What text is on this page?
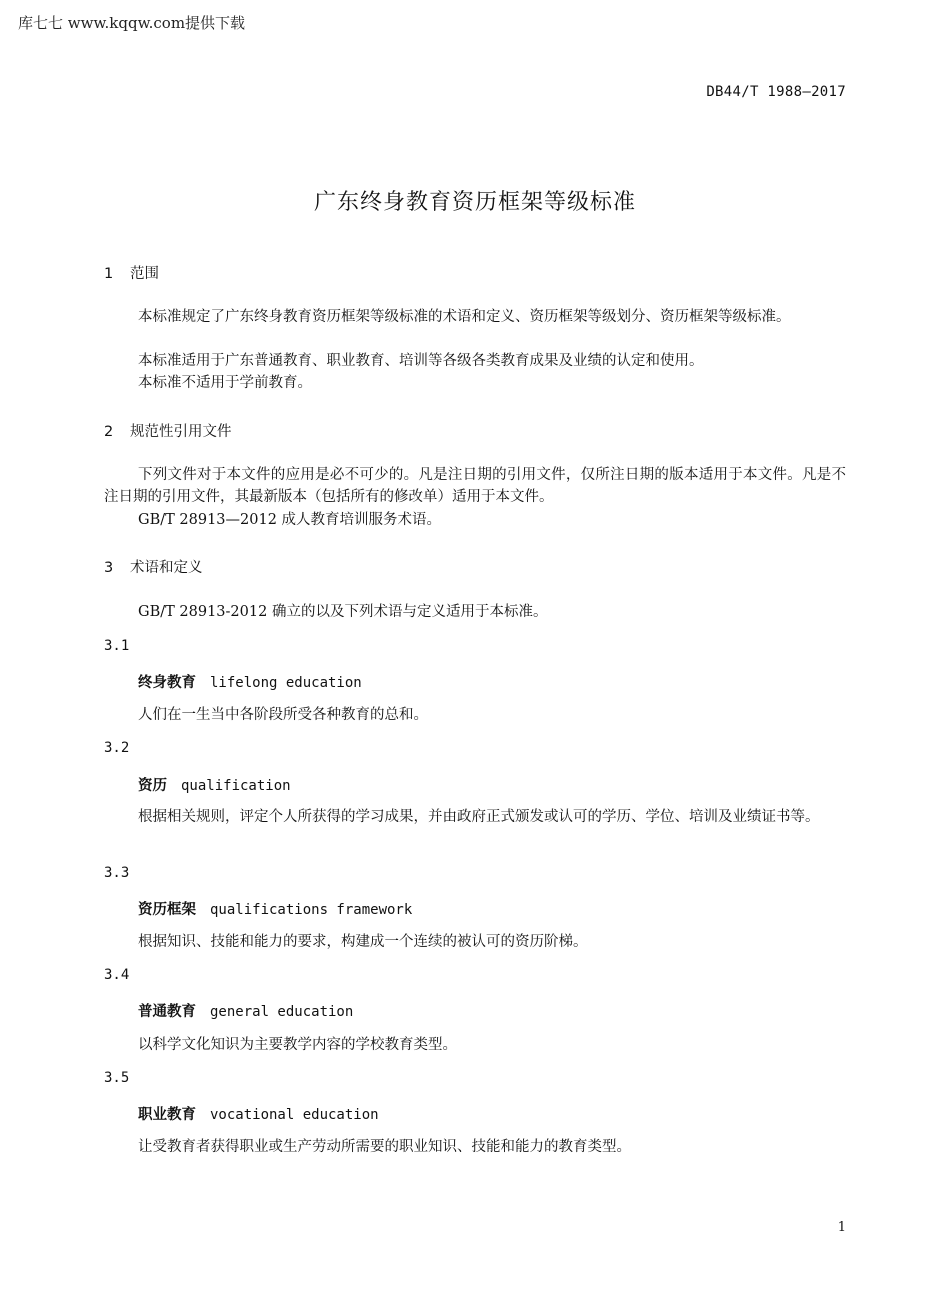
库七七 www.kqqw.com提供下载
DB44/T 1988—2017
广东终身教育资历框架等级标准
1 范围
本标准规定了广东终身教育资历框架等级标准的术语和定义、资历框架等级划分、资历框架等级标准。
本标准适用于广东普通教育、职业教育、培训等各级各类教育成果及业绩的认定和使用。
本标准不适用于学前教育。
2 规范性引用文件
下列文件对于本文件的应用是必不可少的。凡是注日期的引用文件，仅所注日期的版本适用于本文件。凡是不注日期的引用文件，其最新版本（包括所有的修改单）适用于本文件。
GB/T 28913—2012 成人教育培训服务术语。
3 术语和定义
GB/T 28913-2012 确立的以及下列术语与定义适用于本标准。
3.1
终身教育 lifelong education
人们在一生当中各阶段所受各种教育的总和。
3.2
资历 qualification
根据相关规则，评定个人所获得的学习成果，并由政府正式颁发或认可的学历、学位、培训及业绩证书等。
3.3
资历框架 qualifications framework
根据知识、技能和能力的要求，构建成一个连续的被认可的资历阶梯。
3.4
普通教育 general education
以科学文化知识为主要教学内容的学校教育类型。
3.5
职业教育 vocational education
让受教育者获得职业或生产劳动所需要的职业知识、技能和能力的教育类型。
1
